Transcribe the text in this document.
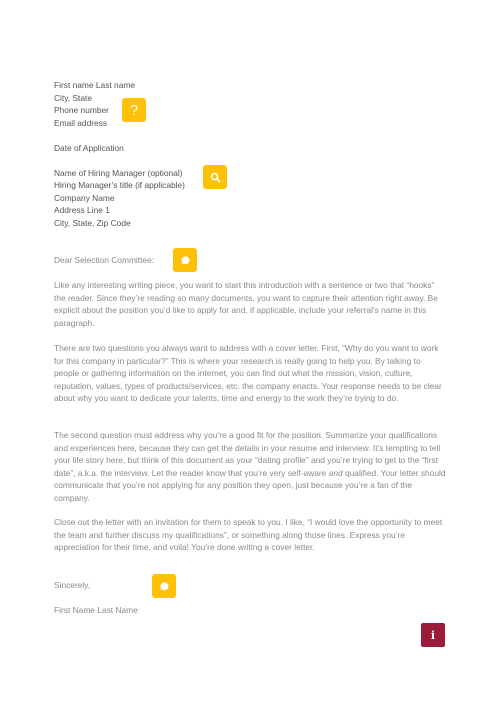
First name Last name
City, State
Phone number
Email address
?
Date of Application
Name of Hiring Manager (optional)
Hiring Manager’s title (if applicable)
Company Name
Address Line 1
City, State, Zip Code
Dear Selection Committee:
Like any interesting writing piece, you want to start this introduction with a sentence or two that “hooks” the reader. Since they’re reading so many documents, you want to capture their attention right away. Be explicit about the position you’d like to apply for and, if applicable, include your referral’s name in this paragraph.
There are two questions you always want to address with a cover letter. First, “Why do you want to work for this company in particular?” This is where your research is really going to help you. By talking to people or gathering information on the internet, you can find out what the mission, vision, culture, reputation, values, types of products/services, etc. the company enacts. Your response needs to be clear about why you want to dedicate your talents, time and energy to the work they’re trying to do.
The second question must address why you’re a good fit for the position. Summarize your qualifications and experiences here, because they can get the details in your resume and interview. It’s tempting to tell your life story here, but think of this document as your “dating profile” and you’re trying to get to the “first date”, a.k.a. the interview. Let the reader know that you’re very self-aware and qualified. Your letter should communicate that you’re not applying for any position they open, just because you’re a fan of the company.
Close out the letter with an invitation for them to speak to you. I like, “I would love the opportunity to meet the team and further discuss my qualifications”, or something along those lines. Express you’re appreciation for their time, and voila! You’re done writing a cover letter.
Sincerely,
First Name Last Name
i
